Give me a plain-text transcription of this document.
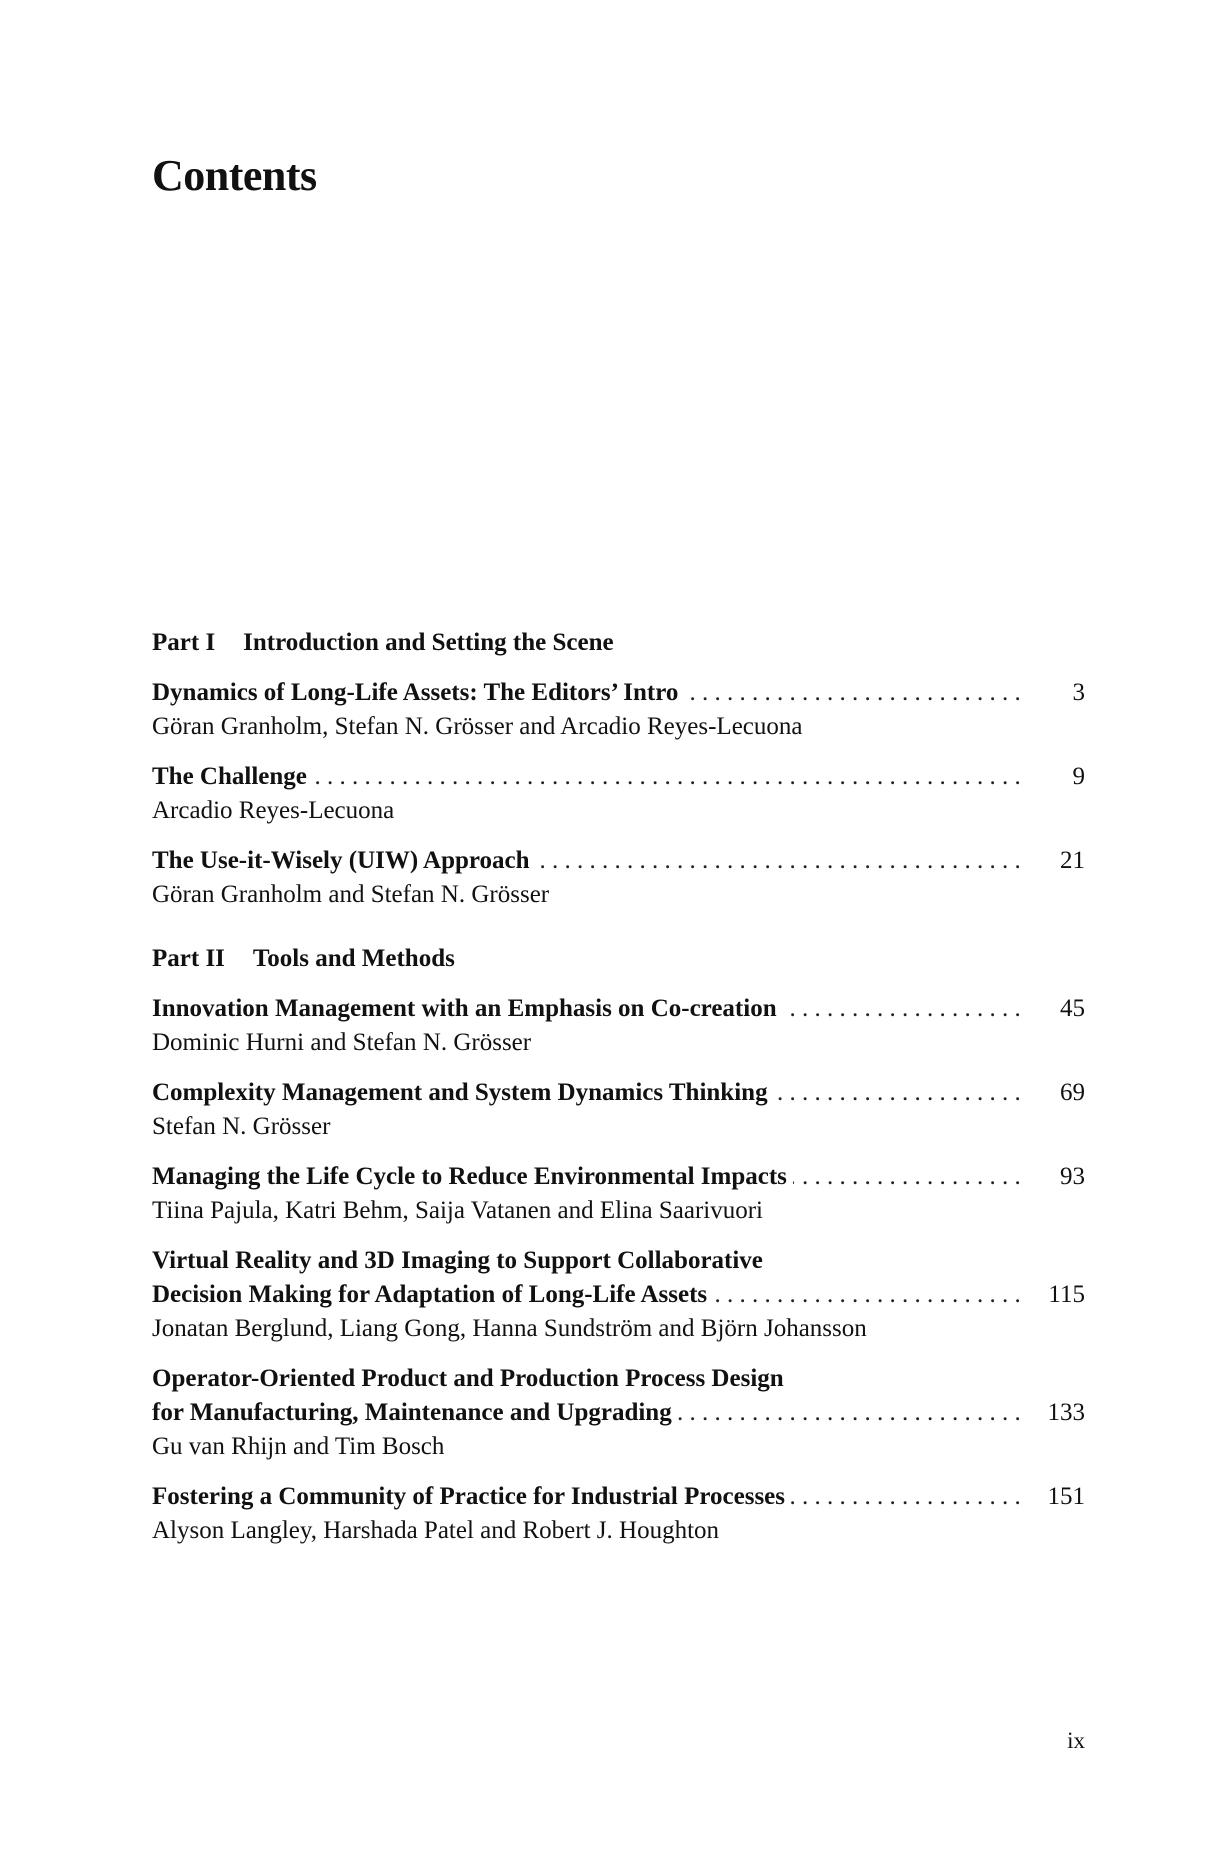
Contents
Part I Introduction and Setting the Scene
Dynamics of Long-Life Assets: The Editors’ Intro . . .	3
Göran Granholm, Stefan N. Grösser and Arcadio Reyes-Lecuona
The Challenge . . .	9
Arcadio Reyes-Lecuona
The Use-it-Wisely (UIW) Approach . . .	21
Göran Granholm and Stefan N. Grösser
Part II Tools and Methods
Innovation Management with an Emphasis on Co-creation . . .	45
Dominic Hurni and Stefan N. Grösser
Complexity Management and System Dynamics Thinking . . .	69
Stefan N. Grösser
Managing the Life Cycle to Reduce Environmental Impacts . . .	93
Tiina Pajula, Katri Behm, Saija Vatanen and Elina Saarivuori
Virtual Reality and 3D Imaging to Support Collaborative
Decision Making for Adaptation of Long-Life Assets . . .	115
Jonatan Berglund, Liang Gong, Hanna Sundström and Björn Johansson
Operator-Oriented Product and Production Process Design
for Manufacturing, Maintenance and Upgrading . . .	133
Gu van Rhijn and Tim Bosch
Fostering a Community of Practice for Industrial Processes . . .	151
Alyson Langley, Harshada Patel and Robert J. Houghton
ix
